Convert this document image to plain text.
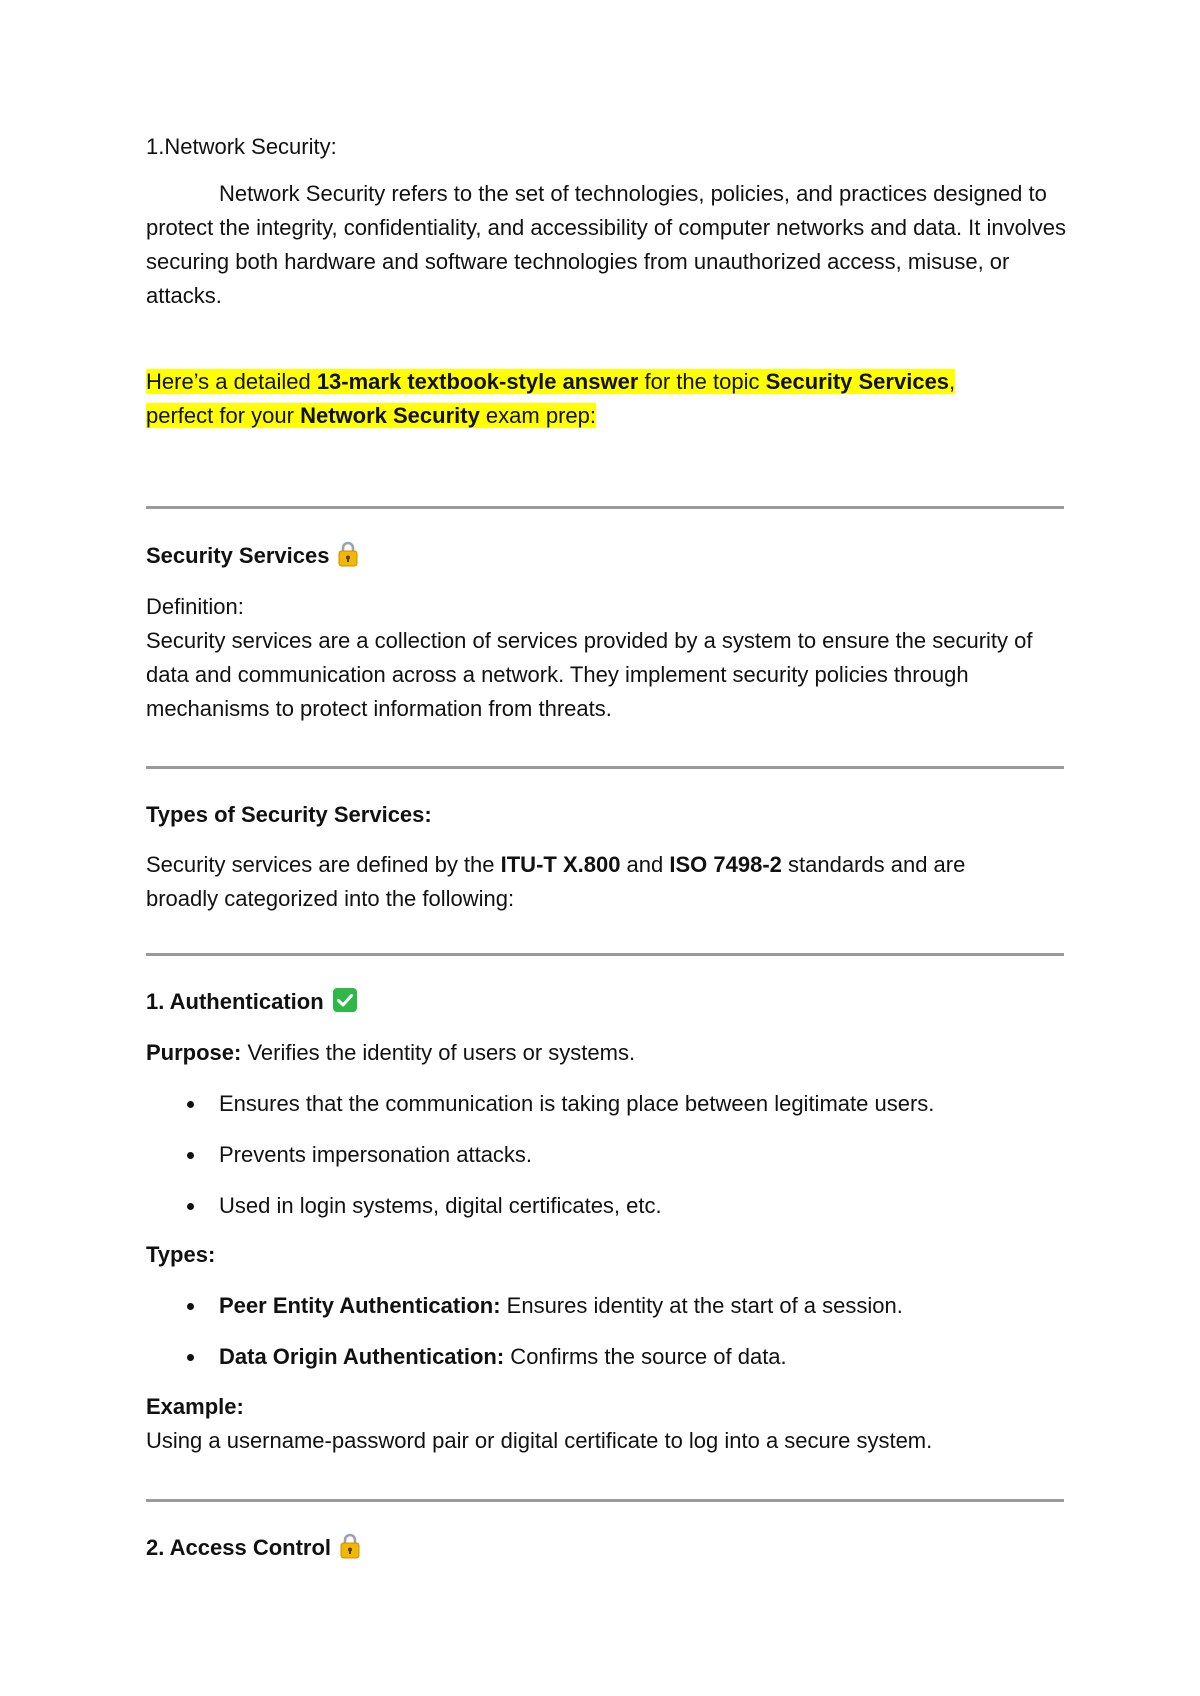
1.Network Security:

Network Security refers to the set of technologies, policies, and practices designed to protect the integrity, confidentiality, and accessibility of computer networks and data. It involves securing both hardware and software technologies from unauthorized access, misuse, or attacks.

Here’s a detailed 13-mark textbook-style answer for the topic Security Services,
perfect for your Network Security exam prep:

Security Services

Definition:

Security services are a collection of services provided by a system to ensure the security of data and communication across a network. They implement security policies through mechanisms to protect information from threats.

Types of Security Services:

Security services are defined by the ITU-T X.800 and ISO 7498-2 standards and are
broadly categorized into the following:

1. Authentication

Purpose: Verifies the identity of users or systems.

Ensures that the communication is taking place between legitimate users.
Prevents impersonation attacks.
Used in login systems, digital certificates, etc.

Types:

Peer Entity Authentication: Ensures identity at the start of a session.
Data Origin Authentication: Confirms the source of data.

Example:

Using a username-password pair or digital certificate to log into a secure system.

2. Access Control
